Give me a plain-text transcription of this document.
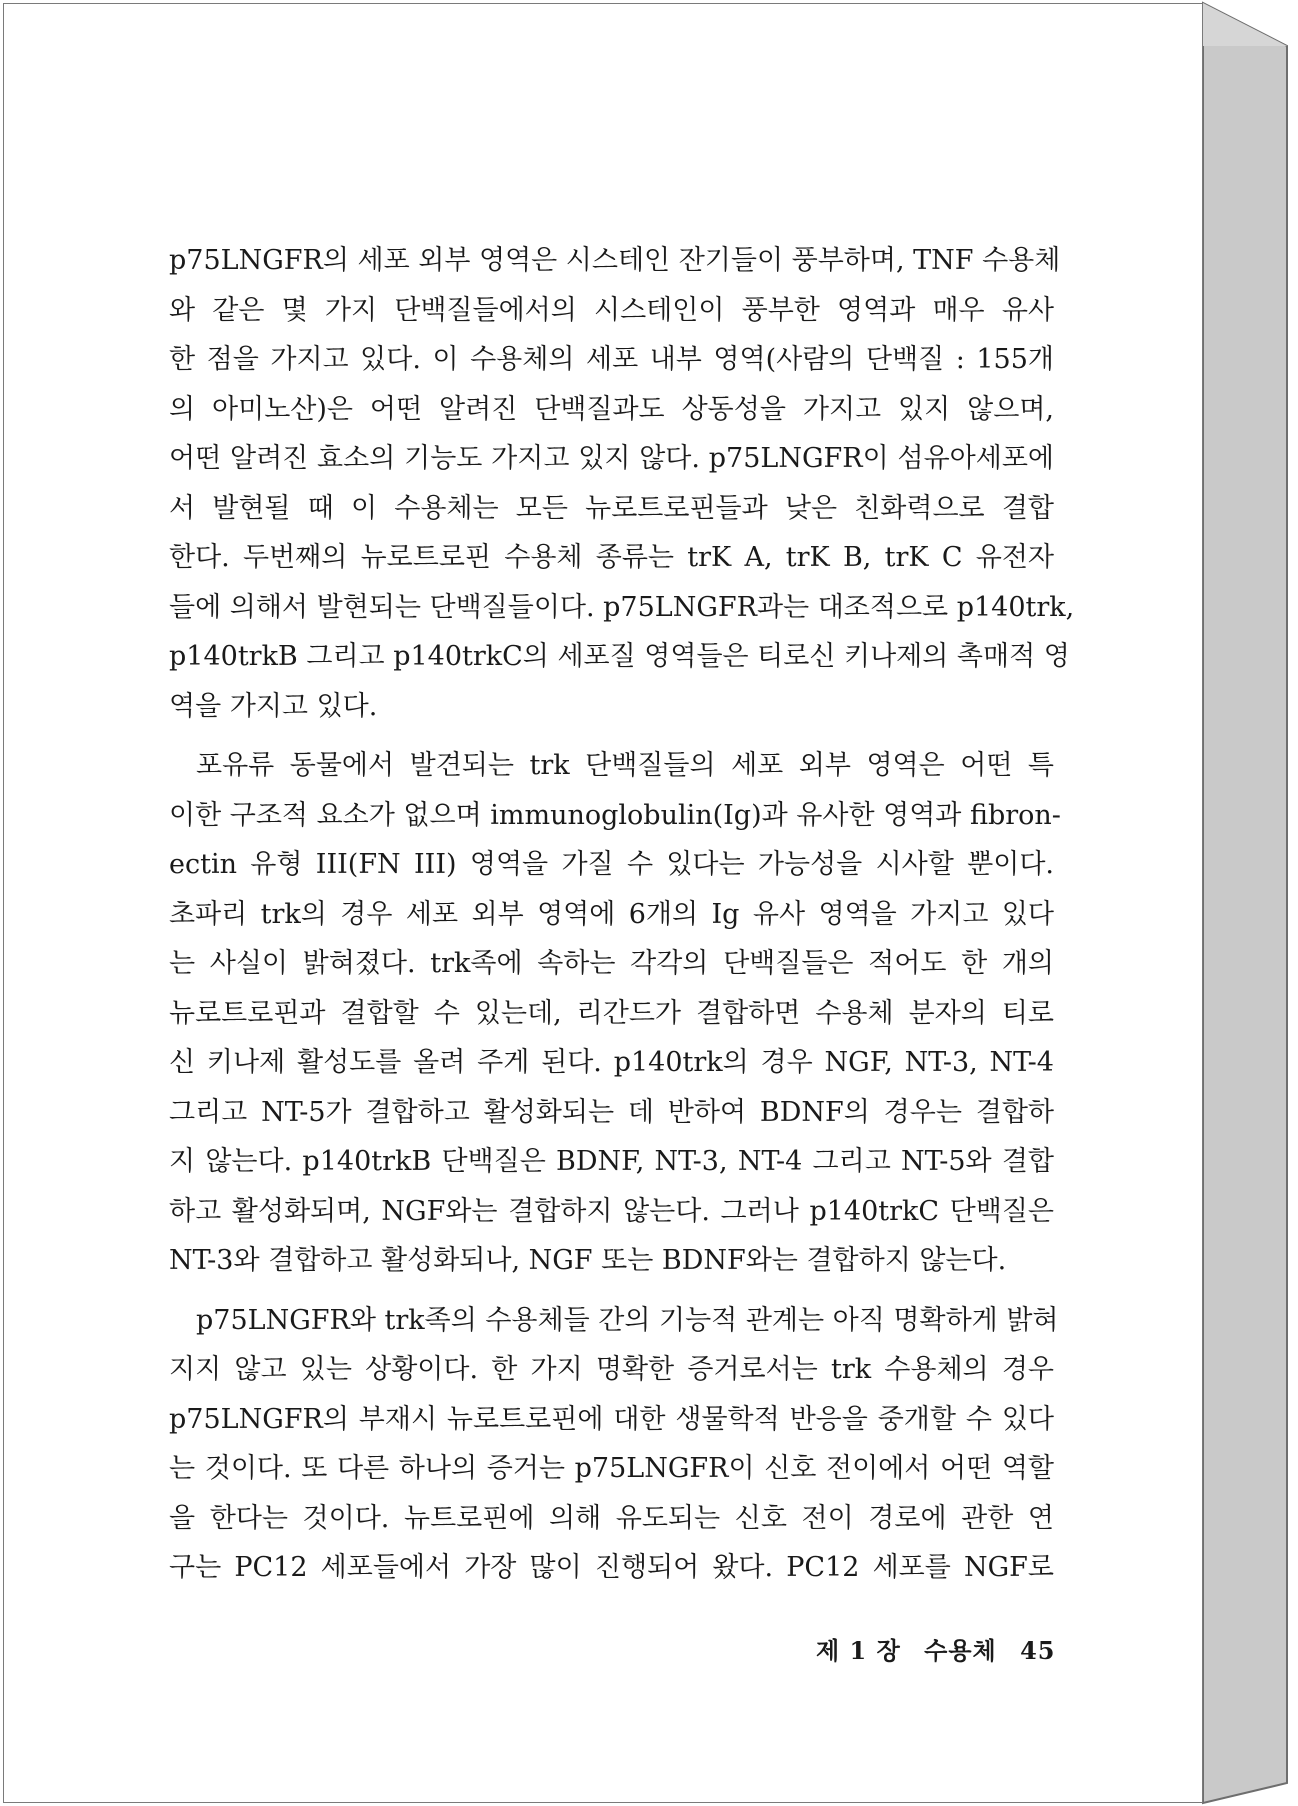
p75LNGFR의 세포 외부 영역은 시스테인 잔기들이 풍부하며, TNF 수용체
와 같은 몇 가지 단백질들에서의 시스테인이 풍부한 영역과 매우 유사
한 점을 가지고 있다. 이 수용체의 세포 내부 영역(사람의 단백질 : 155개
의 아미노산)은 어떤 알려진 단백질과도 상동성을 가지고 있지 않으며,
어떤 알려진 효소의 기능도 가지고 있지 않다. p75LNGFR이 섬유아세포에
서 발현될 때 이 수용체는 모든 뉴로트로핀들과 낮은 친화력으로 결합
한다. 두번째의 뉴로트로핀 수용체 종류는 trK A, trK B, trK C 유전자
들에 의해서 발현되는 단백질들이다. p75LNGFR과는 대조적으로 p140trk,
p140trkB 그리고 p140trkC의 세포질 영역들은 티로신 키나제의 촉매적 영
역을 가지고 있다.
포유류 동물에서 발견되는 trk 단백질들의 세포 외부 영역은 어떤 특
이한 구조적 요소가 없으며 immunoglobulin(Ig)과 유사한 영역과 fibron-
ectin 유형 III(FN III) 영역을 가질 수 있다는 가능성을 시사할 뿐이다.
초파리 trk의 경우 세포 외부 영역에 6개의 Ig 유사 영역을 가지고 있다
는 사실이 밝혀졌다. trk족에 속하는 각각의 단백질들은 적어도 한 개의
뉴로트로핀과 결합할 수 있는데, 리간드가 결합하면 수용체 분자의 티로
신 키나제 활성도를 올려 주게 된다. p140trk의 경우 NGF, NT-3, NT-4
그리고 NT-5가 결합하고 활성화되는 데 반하여 BDNF의 경우는 결합하
지 않는다. p140trkB 단백질은 BDNF, NT-3, NT-4 그리고 NT-5와 결합
하고 활성화되며, NGF와는 결합하지 않는다. 그러나 p140trkC 단백질은
NT-3와 결합하고 활성화되나, NGF 또는 BDNF와는 결합하지 않는다.
p75LNGFR와 trk족의 수용체들 간의 기능적 관계는 아직 명확하게 밝혀
지지 않고 있는 상황이다. 한 가지 명확한 증거로서는 trk 수용체의 경우
p75LNGFR의 부재시 뉴로트로핀에 대한 생물학적 반응을 중개할 수 있다
는 것이다. 또 다른 하나의 증거는 p75LNGFR이 신호 전이에서 어떤 역할
을 한다는 것이다. 뉴트로핀에 의해 유도되는 신호 전이 경로에 관한 연
구는 PC12 세포들에서 가장 많이 진행되어 왔다. PC12 세포를 NGF로
제 1 장 수용체 45
